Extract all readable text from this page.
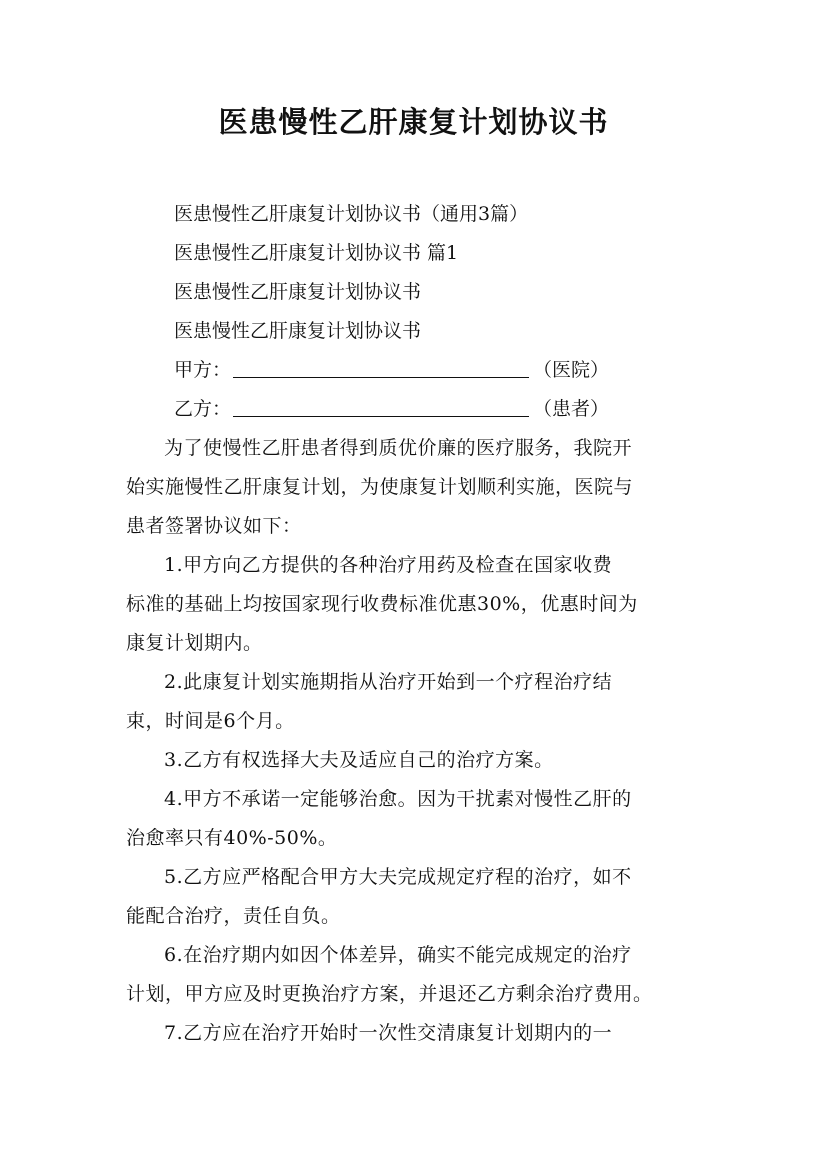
医患慢性乙肝康复计划协议书

医患慢性乙肝康复计划协议书（通用3篇）

医患慢性乙肝康复计划协议书 篇1

医患慢性乙肝康复计划协议书

医患慢性乙肝康复计划协议书

甲方：	（医院）

乙方：	（患者）

为了使慢性乙肝患者得到质优价廉的医疗服务，我院开

始实施慢性乙肝康复计划，为使康复计划顺利实施，医院与

患者签署协议如下：

1.甲方向乙方提供的各种治疗用药及检查在国家收费

标准的基础上均按国家现行收费标准优惠30%，优惠时间为

康复计划期内。

2.此康复计划实施期指从治疗开始到一个疗程治疗结

束，时间是6个月。

3.乙方有权选择大夫及适应自己的治疗方案。

4.甲方不承诺一定能够治愈。因为干扰素对慢性乙肝的

治愈率只有40%-50%。

5.乙方应严格配合甲方大夫完成规定疗程的治疗，如不

能配合治疗，责任自负。

6.在治疗期内如因个体差异，确实不能完成规定的治疗

计划，甲方应及时更换治疗方案，并退还乙方剩余治疗费用。

7.乙方应在治疗开始时一次性交清康复计划期内的一
